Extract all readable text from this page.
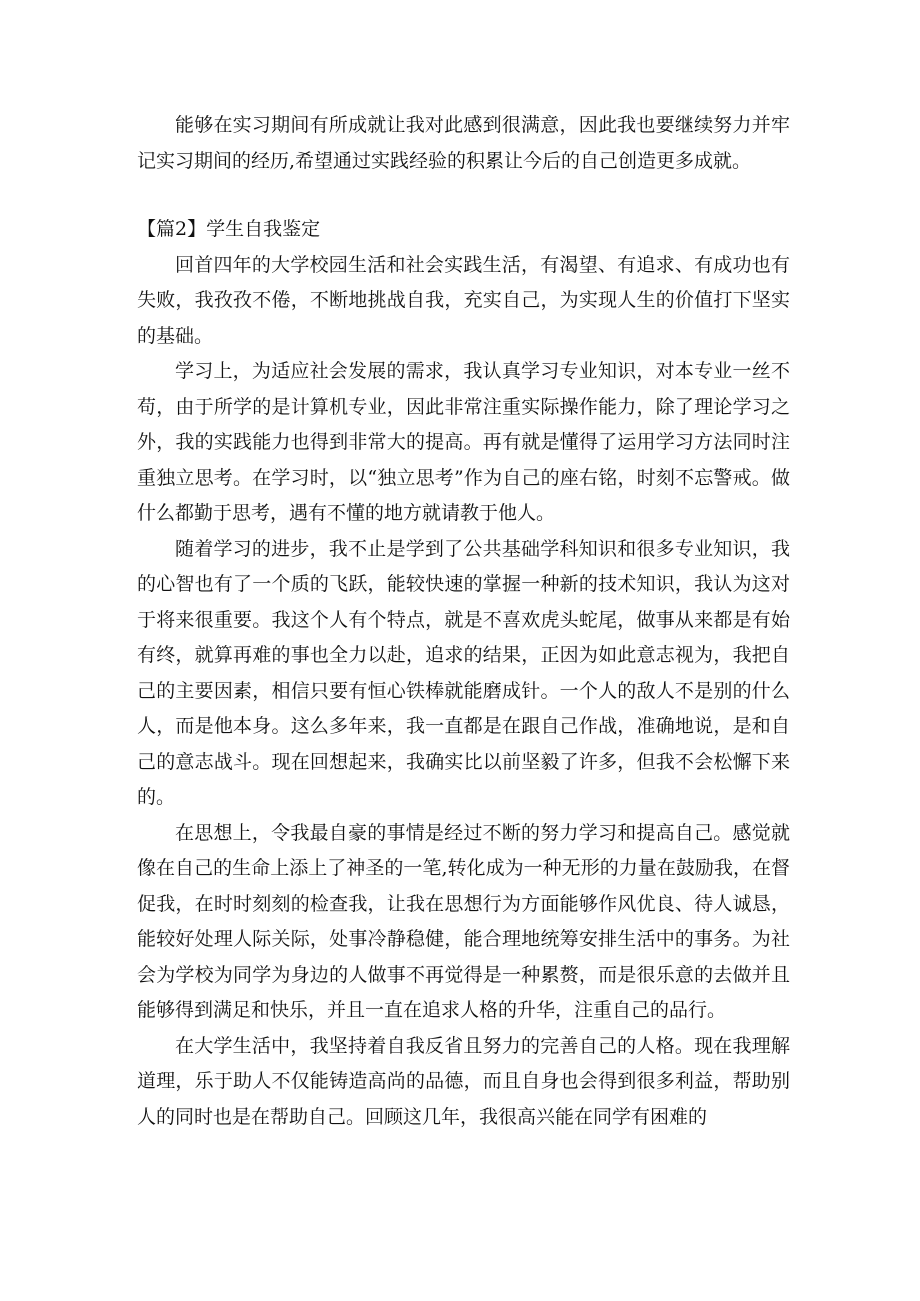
能够在实习期间有所成就让我对此感到很满意，因此我也要继续努力并牢记实习期间的经历,希望通过实践经验的积累让今后的自己创造更多成就。

【篇2】学生自我鉴定

回首四年的大学校园生活和社会实践生活，有渴望、有追求、有成功也有失败，我孜孜不倦，不断地挑战自我，充实自己，为实现人生的价值打下坚实的基础。

学习上，为适应社会发展的需求，我认真学习专业知识，对本专业一丝不苟，由于所学的是计算机专业，因此非常注重实际操作能力，除了理论学习之外，我的实践能力也得到非常大的提高。再有就是懂得了运用学习方法同时注重独立思考。在学习时，以“独立思考”作为自己的座右铭，时刻不忘警戒。做什么都勤于思考，遇有不懂的地方就请教于他人。

随着学习的进步，我不止是学到了公共基础学科知识和很多专业知识，我的心智也有了一个质的飞跃，能较快速的掌握一种新的技术知识，我认为这对于将来很重要。我这个人有个特点，就是不喜欢虎头蛇尾，做事从来都是有始有终，就算再难的事也全力以赴，追求的结果，正因为如此意志视为，我把自己的主要因素，相信只要有恒心铁棒就能磨成针。一个人的敌人不是别的什么人，而是他本身。这么多年来，我一直都是在跟自己作战，准确地说，是和自己的意志战斗。现在回想起来，我确实比以前坚毅了许多，但我不会松懈下来的。

在思想上，令我最自豪的事情是经过不断的努力学习和提高自己。感觉就像在自己的生命上添上了神圣的一笔,转化成为一种无形的力量在鼓励我，在督促我，在时时刻刻的检查我，让我在思想行为方面能够作风优良、待人诚恳，能较好处理人际关际，处事冷静稳健，能合理地统筹安排生活中的事务。为社会为学校为同学为身边的人做事不再觉得是一种累赘，而是很乐意的去做并且能够得到满足和快乐，并且一直在追求人格的升华，注重自己的品行。

在大学生活中，我坚持着自我反省且努力的完善自己的人格。现在我理解道理，乐于助人不仅能铸造高尚的品德，而且自身也会得到很多利益，帮助别人的同时也是在帮助自己。回顾这几年，我很高兴能在同学有困难的
